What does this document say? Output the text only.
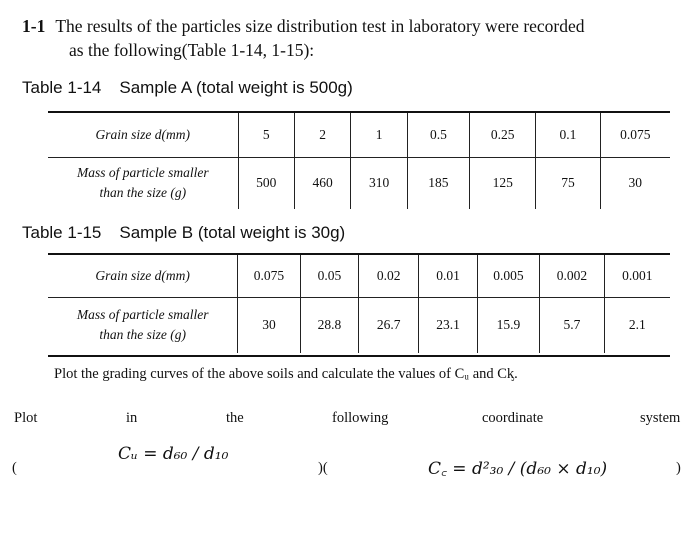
1-1 The results of the particles size distribution test in laboratory were recorded
as the following(Table 1-14, 1-15):
Table 1-14 Sample A (total weight is 500g)
Grain size d(mm)	5	2	1	0.5	0.25	0.1	0.075

Mass of particle smaller
than the size (g)	500	460	310	185	125	75	30
Table 1-15 Sample B (total weight is 30g)
Grain size d(mm)	0.075	0.05	0.02	0.01	0.005	0.002	0.001

Mass of particle smaller
than the size (g)	30	28.8	26.7	23.1	15.9	5.7	2.1
Plot the grading curves of the above soils and calculate the values of Cᵤ and Cᶄ.
Plot	in	the	following	coordinate	system
Cᵤ = d₆₀ / d₁₀
(	)(	C꜀ = d²₃₀ / (d₆₀ × d₁₀)	)
